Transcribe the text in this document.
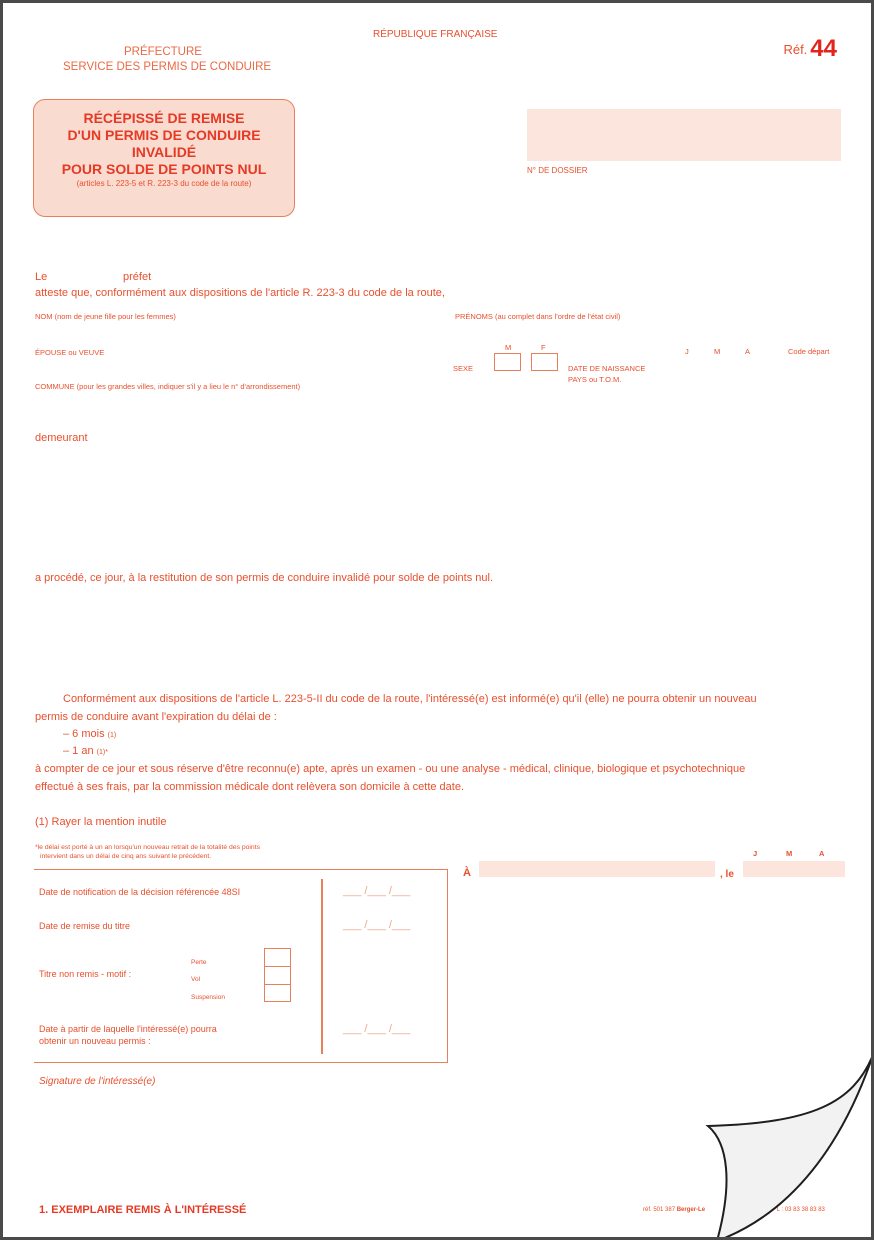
PRÉFECTURE
SERVICE DES PERMIS DE CONDUIRE
RÉPUBLIQUE FRANÇAISE
Réf. 44
RÉCÉPISSÉ DE REMISE
D'UN PERMIS DE CONDUIRE
INVALIDÉ
POUR SOLDE DE POINTS NUL
(articles L. 223-5 et R. 223-3 du code de la route)
N° DE DOSSIER
Le	préfet
atteste que, conformément aux dispositions de l'article R. 223-3 du code de la route,
NOM (nom de jeune fille pour les femmes)	PRÉNOMS (au complet dans l'ordre de l'état civil)
ÉPOUSE ou VEUVE
M	F
SEXE	DATE DE NAISSANCE
PAYS ou T.O.M.
J	M	A	Code départ
COMMUNE (pour les grandes villes, indiquer s'il y a lieu le n° d'arrondissement)
demeurant
a procédé, ce jour, à la restitution de son permis de conduire invalidé pour solde de points nul.
Conformément aux dispositions de l'article L. 223-5-II du code de la route, l'intéressé(e) est informé(e) qu'il (elle) ne pourra obtenir un nouveau
permis de conduire avant l'expiration du délai de :
– 6 mois (1)
– 1 an (1)*
à compter de ce jour et sous réserve d'être reconnu(e) apte, après un examen - ou une analyse - médical, clinique, biologique et psychotechnique
effectué à ses frais, par la commission médicale dont relèvera son domicile à cette date.
(1) Rayer la mention inutile
*le délai est porté à un an lorsqu'un nouveau retrait de la totalité des points
intervient dans un délai de cinq ans suivant le précédent.
Date de notification de la décision référencée 48SI	___ /___ /___
Date de remise du titre	___ /___ /___
Titre non remis - motif :
Perte
Vol
Suspension
Date à partir de laquelle l'intéressé(e) pourra
obtenir un nouveau permis :
___ /___ /___
À	, le
J	M	A
Signature de l'intéressé(e)
1. EXEMPLAIRE REMIS À L'INTÉRESSÉ	réf. 501 387 Berger-Le	L : 03 83 38 83 83
